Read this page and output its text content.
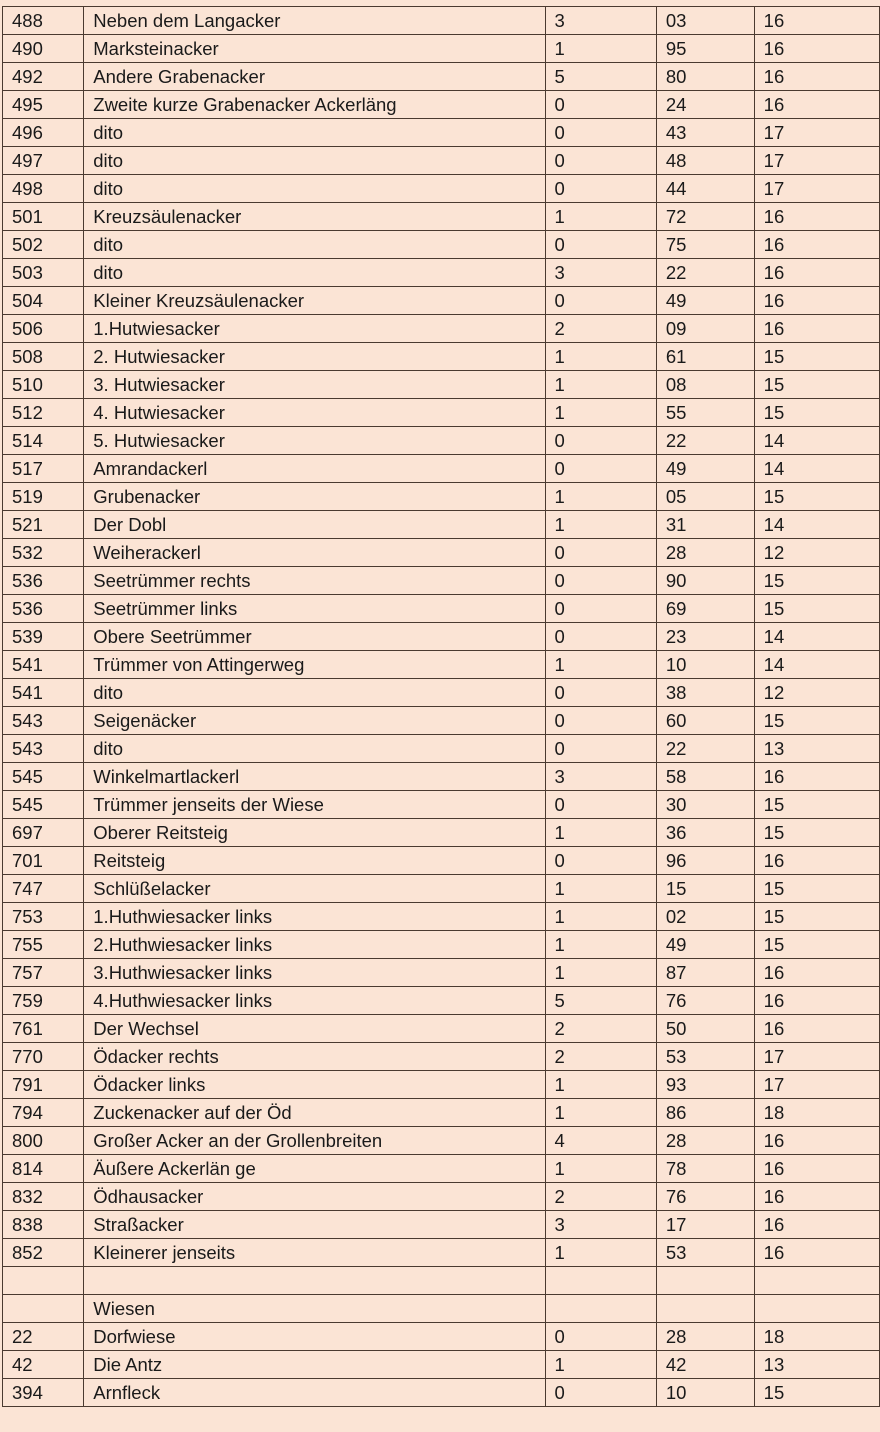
488	Neben dem Langacker	3	03	16
490	Marksteinacker	1	95	16
492	Andere Grabenacker	5	80	16
495	Zweite kurze Grabenacker Ackerläng	0	24	16
496	dito	0	43	17
497	dito	0	48	17
498	dito	0	44	17
501	Kreuzsäulenacker	1	72	16
502	dito	0	75	16
503	dito	3	22	16
504	Kleiner Kreuzsäulenacker	0	49	16
506	1.Hutwiesacker	2	09	16
508	2. Hutwiesacker	1	61	15
510	3. Hutwiesacker	1	08	15
512	4. Hutwiesacker	1	55	15
514	5. Hutwiesacker	0	22	14
517	Amrandackerl	0	49	14
519	Grubenacker	1	05	15
521	Der Dobl	1	31	14
532	Weiherackerl	0	28	12
536	Seetrümmer rechts	0	90	15
536	Seetrümmer links	0	69	15
539	Obere Seetrümmer	0	23	14
541	Trümmer von Attingerweg	1	10	14
541	dito	0	38	12
543	Seigenäcker	0	60	15
543	dito	0	22	13
545	Winkelmartlackerl	3	58	16
545	Trümmer jenseits der Wiese	0	30	15
697	Oberer Reitsteig	1	36	15
701	Reitsteig	0	96	16
747	Schlüßelacker	1	15	15
753	1.Huthwiesacker links	1	02	15
755	2.Huthwiesacker links	1	49	15
757	3.Huthwiesacker links	1	87	16
759	4.Huthwiesacker links	5	76	16
761	Der Wechsel	2	50	16
770	Ödacker rechts	2	53	17
791	Ödacker links	1	93	17
794	Zuckenacker auf der Öd	1	86	18
800	Großer Acker an der Grollenbreiten	4	28	16
814	Äußere Ackerlän ge	1	78	16
832	Ödhausacker	2	76	16
838	Straßacker	3	17	16
852	Kleinerer jenseits	1	53	16

	Wiesen			
22	Dorfwiese	0	28	18
42	Die Antz	1	42	13
394	Arnfleck	0	10	15
